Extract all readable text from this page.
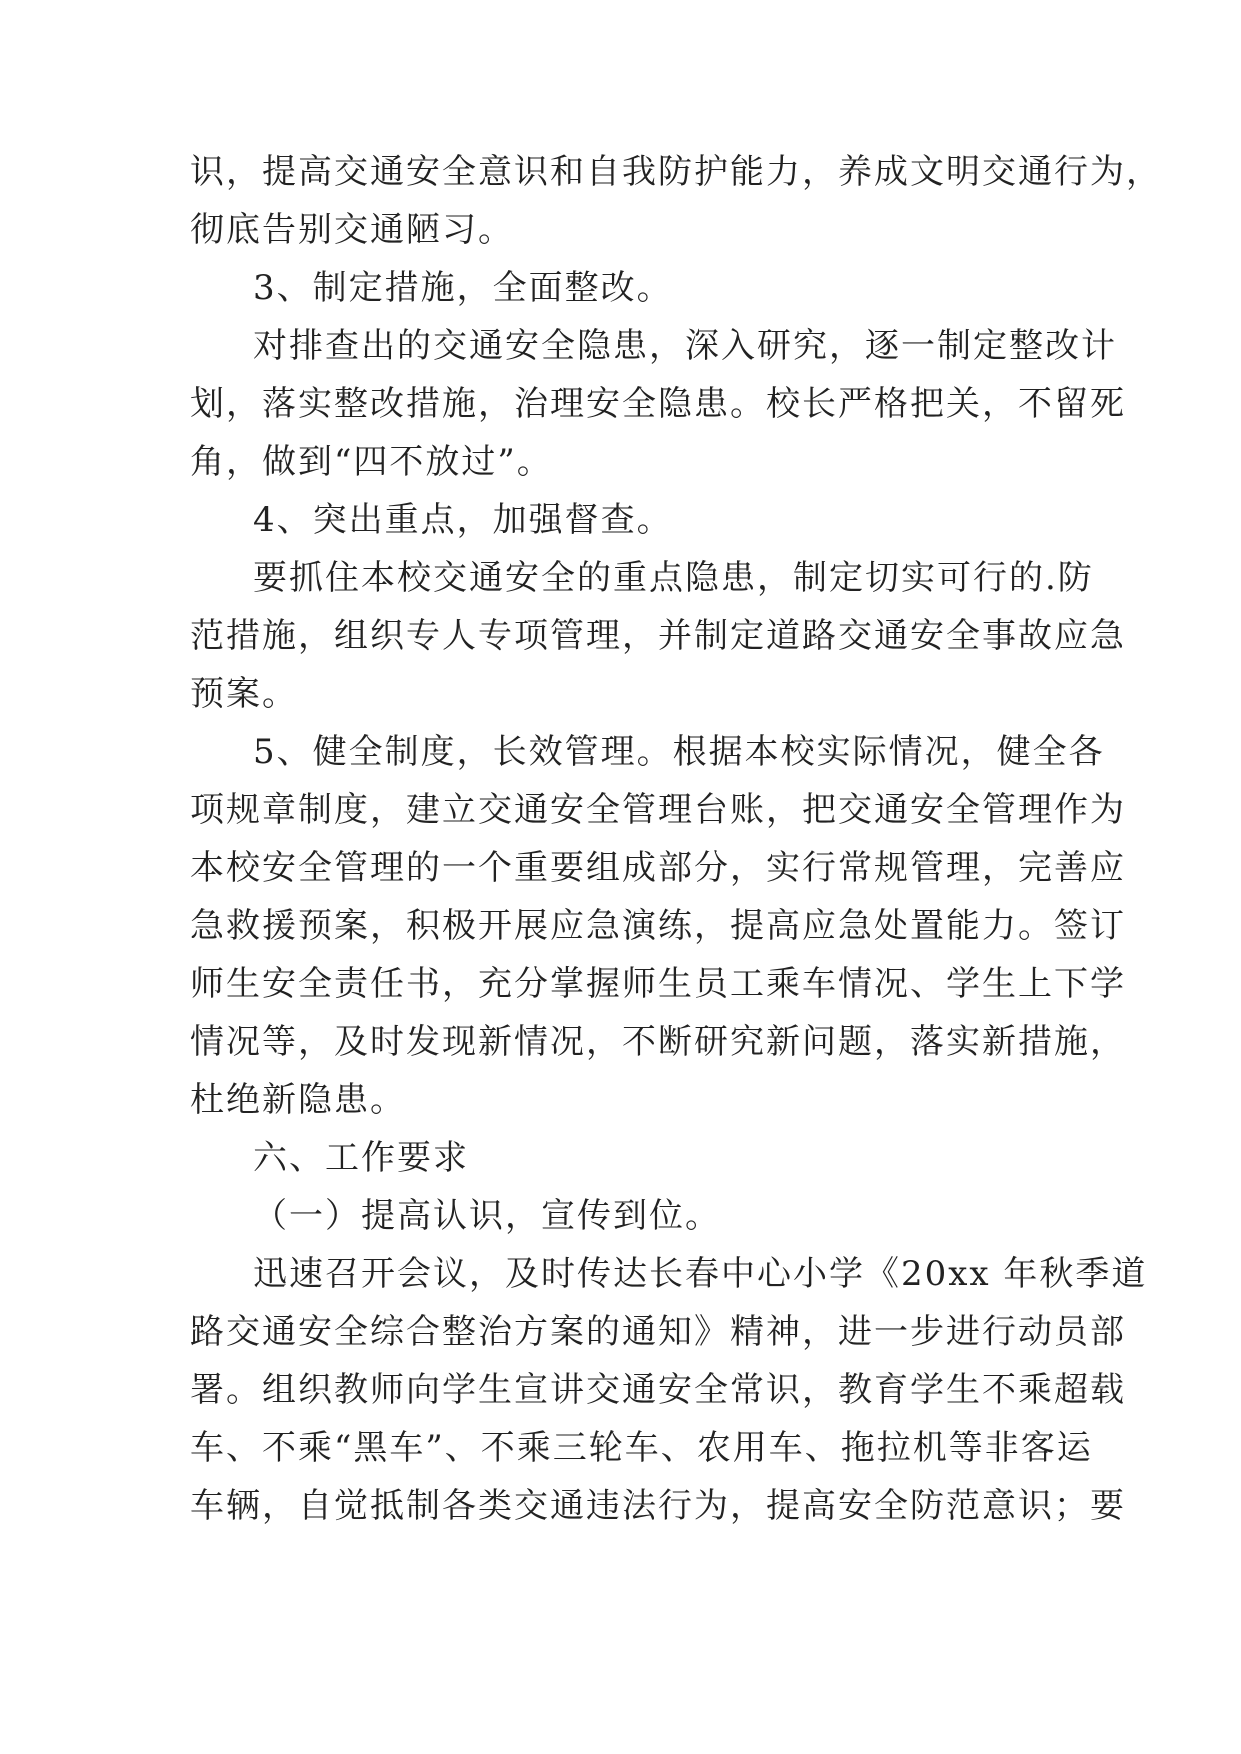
识，提高交通安全意识和自我防护能力，养成文明交通行为，
彻底告别交通陋习。
3、制定措施，全面整改。
对排查出的交通安全隐患，深入研究，逐一制定整改计
划，落实整改措施，治理安全隐患。校长严格把关，不留死
角，做到“四不放过”。
4、突出重点，加强督查。
要抓住本校交通安全的重点隐患，制定切实可行的.防
范措施，组织专人专项管理，并制定道路交通安全事故应急
预案。
5、健全制度，长效管理。根据本校实际情况，健全各
项规章制度，建立交通安全管理台账，把交通安全管理作为
本校安全管理的一个重要组成部分，实行常规管理，完善应
急救援预案，积极开展应急演练，提高应急处置能力。签订
师生安全责任书，充分掌握师生员工乘车情况、学生上下学
情况等，及时发现新情况，不断研究新问题，落实新措施，
杜绝新隐患。
六、工作要求
（一）提高认识，宣传到位。
迅速召开会议，及时传达长春中心小学《20xx 年秋季道
路交通安全综合整治方案的通知》精神，进一步进行动员部
署。组织教师向学生宣讲交通安全常识，教育学生不乘超载
车、不乘“黑车”、不乘三轮车、农用车、拖拉机等非客运
车辆，自觉抵制各类交通违法行为，提高安全防范意识；要
